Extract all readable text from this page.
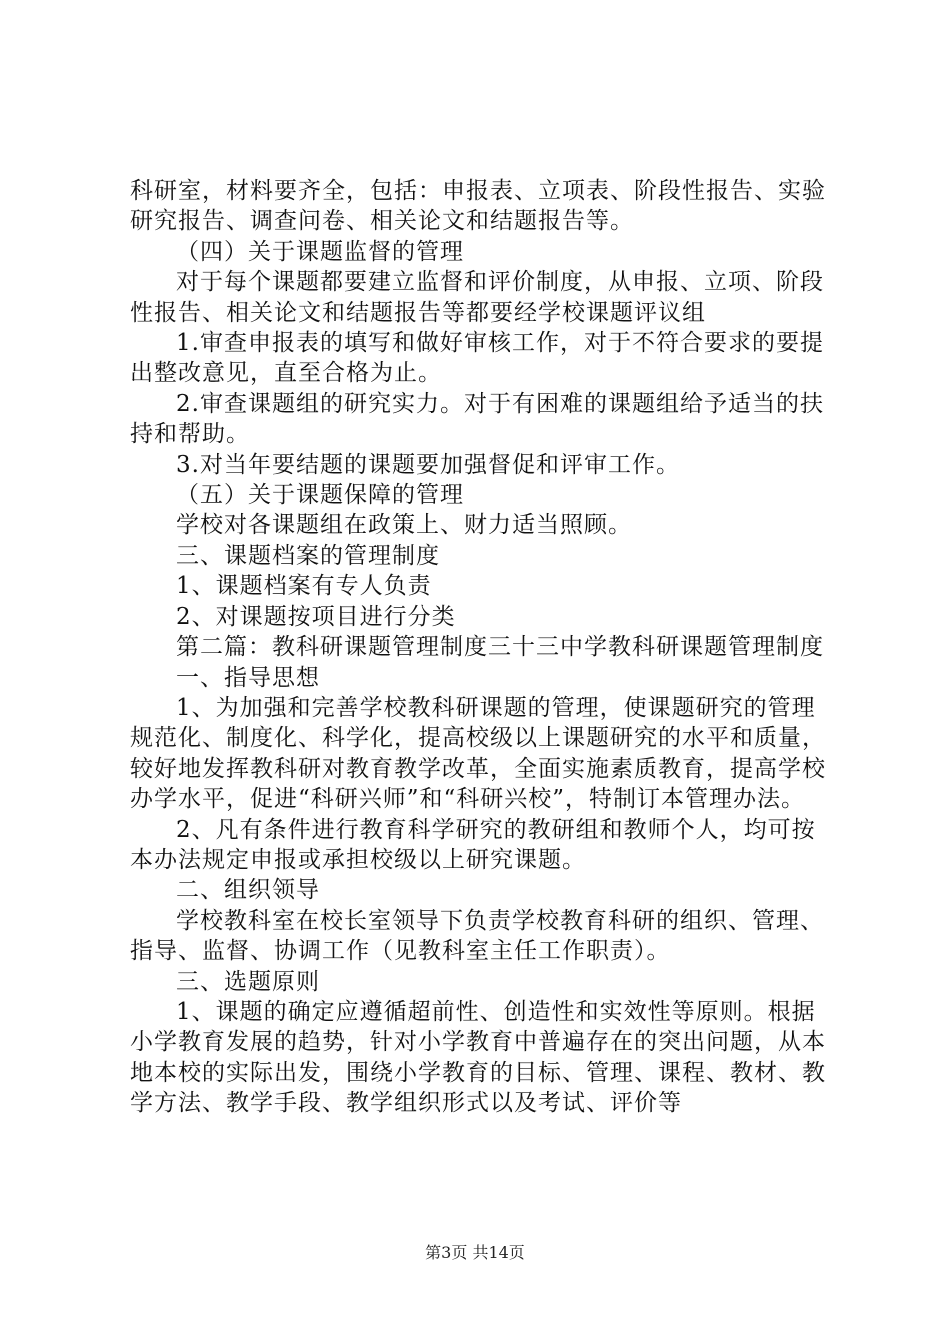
科研室，材料要齐全，包括：申报表、立项表、阶段性报告、实验研究报告、调查问卷、相关论文和结题报告等。

（四）关于课题监督的管理

对于每个课题都要建立监督和评价制度，从申报、立项、阶段性报告、相关论文和结题报告等都要经学校课题评议组

1.审查申报表的填写和做好审核工作，对于不符合要求的要提出整改意见，直至合格为止。

2.审查课题组的研究实力。对于有困难的课题组给予适当的扶持和帮助。

3.对当年要结题的课题要加强督促和评审工作。

（五）关于课题保障的管理

学校对各课题组在政策上、财力适当照顾。

三、课题档案的管理制度

1、课题档案有专人负责

2、对课题按项目进行分类

第二篇：教科研课题管理制度三十三中学教科研课题管理制度

一、指导思想

1、为加强和完善学校教科研课题的管理，使课题研究的管理规范化、制度化、科学化，提高校级以上课题研究的水平和质量，较好地发挥教科研对教育教学改革，全面实施素质教育，提高学校办学水平，促进“科研兴师”和“科研兴校”，特制订本管理办法。

2、凡有条件进行教育科学研究的教研组和教师个人，均可按本办法规定申报或承担校级以上研究课题。

二、组织领导

学校教科室在校长室领导下负责学校教育科研的组织、管理、指导、监督、协调工作（见教科室主任工作职责）。

三、选题原则

1、课题的确定应遵循超前性、创造性和实效性等原则。根据小学教育发展的趋势，针对小学教育中普遍存在的突出问题，从本地本校的实际出发，围绕小学教育的目标、管理、课程、教材、教学方法、教学手段、教学组织形式以及考试、评价等

第3页 共14页
